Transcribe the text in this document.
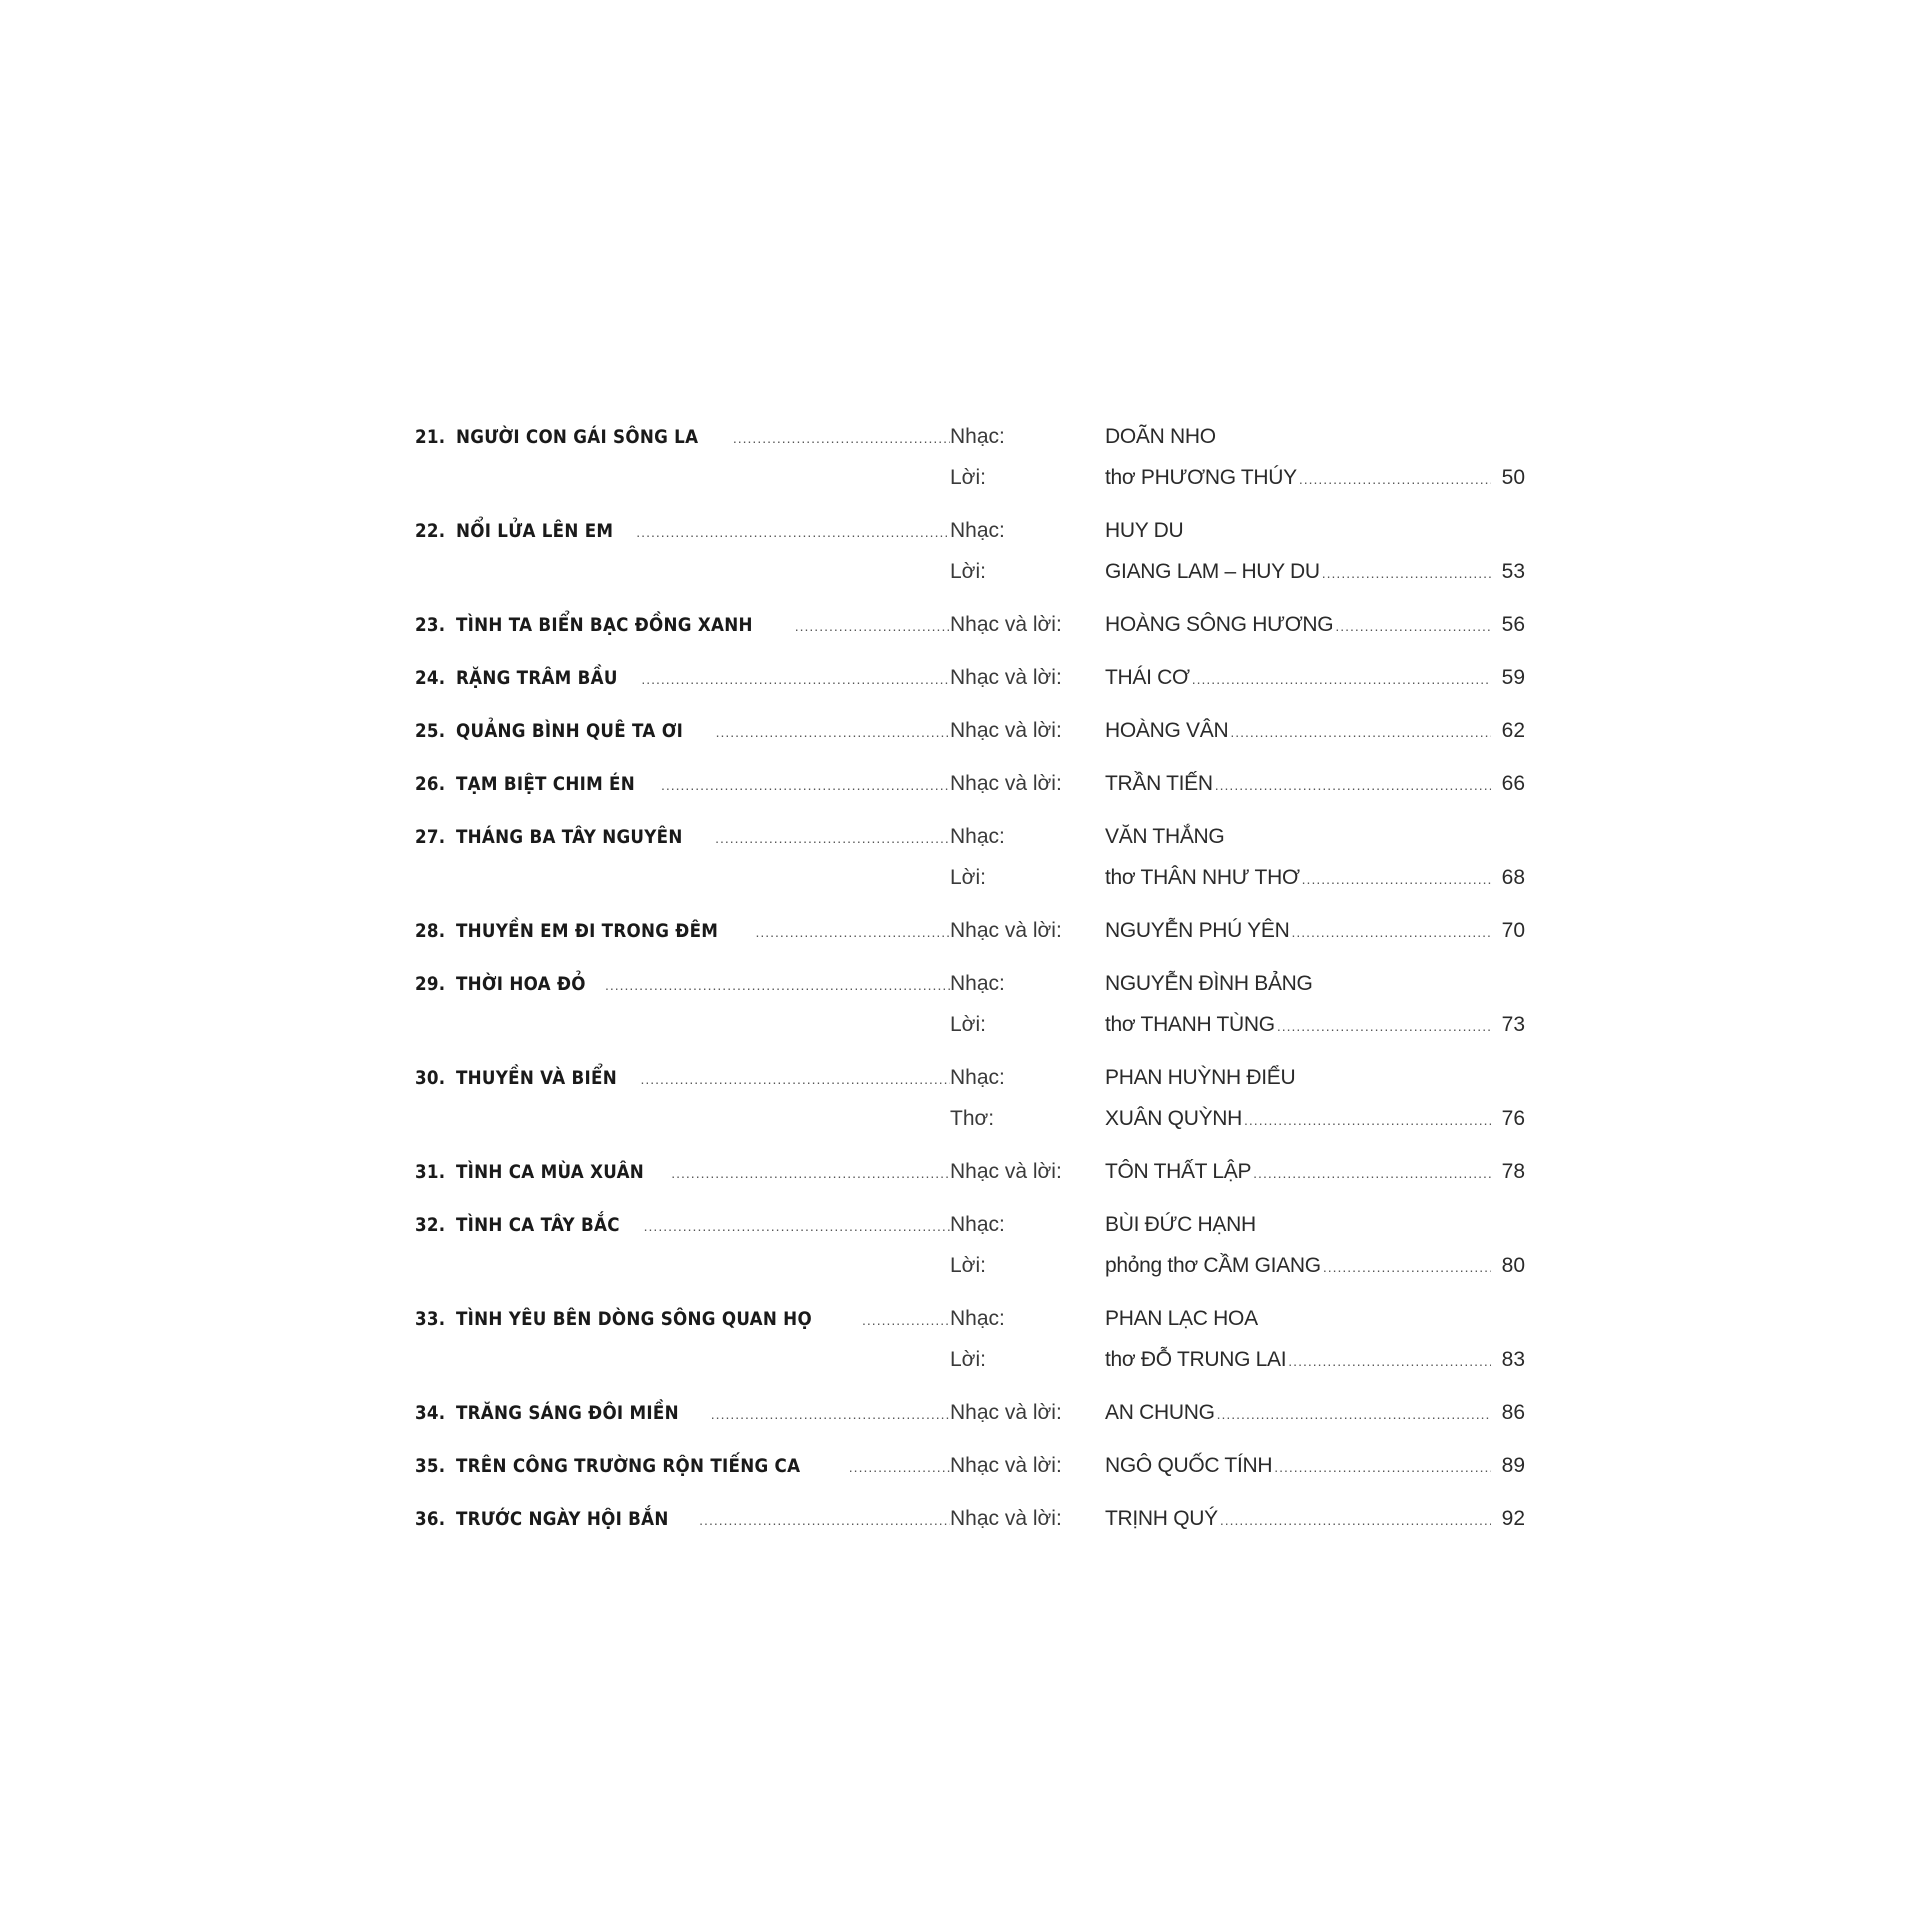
21. NGƯỜI CON GÁI SÔNG LA .....	Nhạc:	DOÃN NHO
Lời:	thơ PHƯƠNG THÚY .....	50
22. NỔI LỬA LÊN EM .....	Nhạc:	HUY DU
Lời:	GIANG LAM – HUY DU .....	53
23. TÌNH TA BIỂN BẠC ĐỒNG XANH .....	Nhạc và lời:	HOÀNG SÔNG HƯƠNG .....	56
24. RẶNG TRÂM BẦU .....	Nhạc và lời:	THÁI CƠ .....	59
25. QUẢNG BÌNH QUÊ TA ƠI .....	Nhạc và lời:	HOÀNG VÂN .....	62
26. TẠM BIỆT CHIM ÉN .....	Nhạc và lời:	TRẦN TIẾN .....	66
27. THÁNG BA TÂY NGUYÊN .....	Nhạc:	VĂN THẮNG
Lời:	thơ THÂN NHƯ THƠ .....	68
28. THUYỀN EM ĐI TRONG ĐÊM .....	Nhạc và lời:	NGUYỄN PHÚ YÊN .....	70
29. THỜI HOA ĐỎ .....	Nhạc:	NGUYỄN ĐÌNH BẢNG
Lời:	thơ THANH TÙNG .....	73
30. THUYỀN VÀ BIỂN .....	Nhạc:	PHAN HUỲNH ĐIỂU
Thơ:	XUÂN QUỲNH .....	76
31. TÌNH CA MÙA XUÂN .....	Nhạc và lời:	TÔN THẤT LẬP .....	78
32. TÌNH CA TÂY BẮC .....	Nhạc:	BÙI ĐỨC HẠNH
Lời:	phỏng thơ CẦM GIANG .....	80
33. TÌNH YÊU BÊN DÒNG SÔNG QUAN HỌ .....	Nhạc:	PHAN LẠC HOA
Lời:	thơ ĐỖ TRUNG LAI .....	83
34. TRĂNG SÁNG ĐÔI MIỀN .....	Nhạc và lời:	AN CHUNG .....	86
35. TRÊN CÔNG TRƯỜNG RỘN TIẾNG CA .....	Nhạc và lời:	NGÔ QUỐC TÍNH .....	89
36. TRƯỚC NGÀY HỘI BẮN .....	Nhạc và lời:	TRỊNH QUÝ .....	92
